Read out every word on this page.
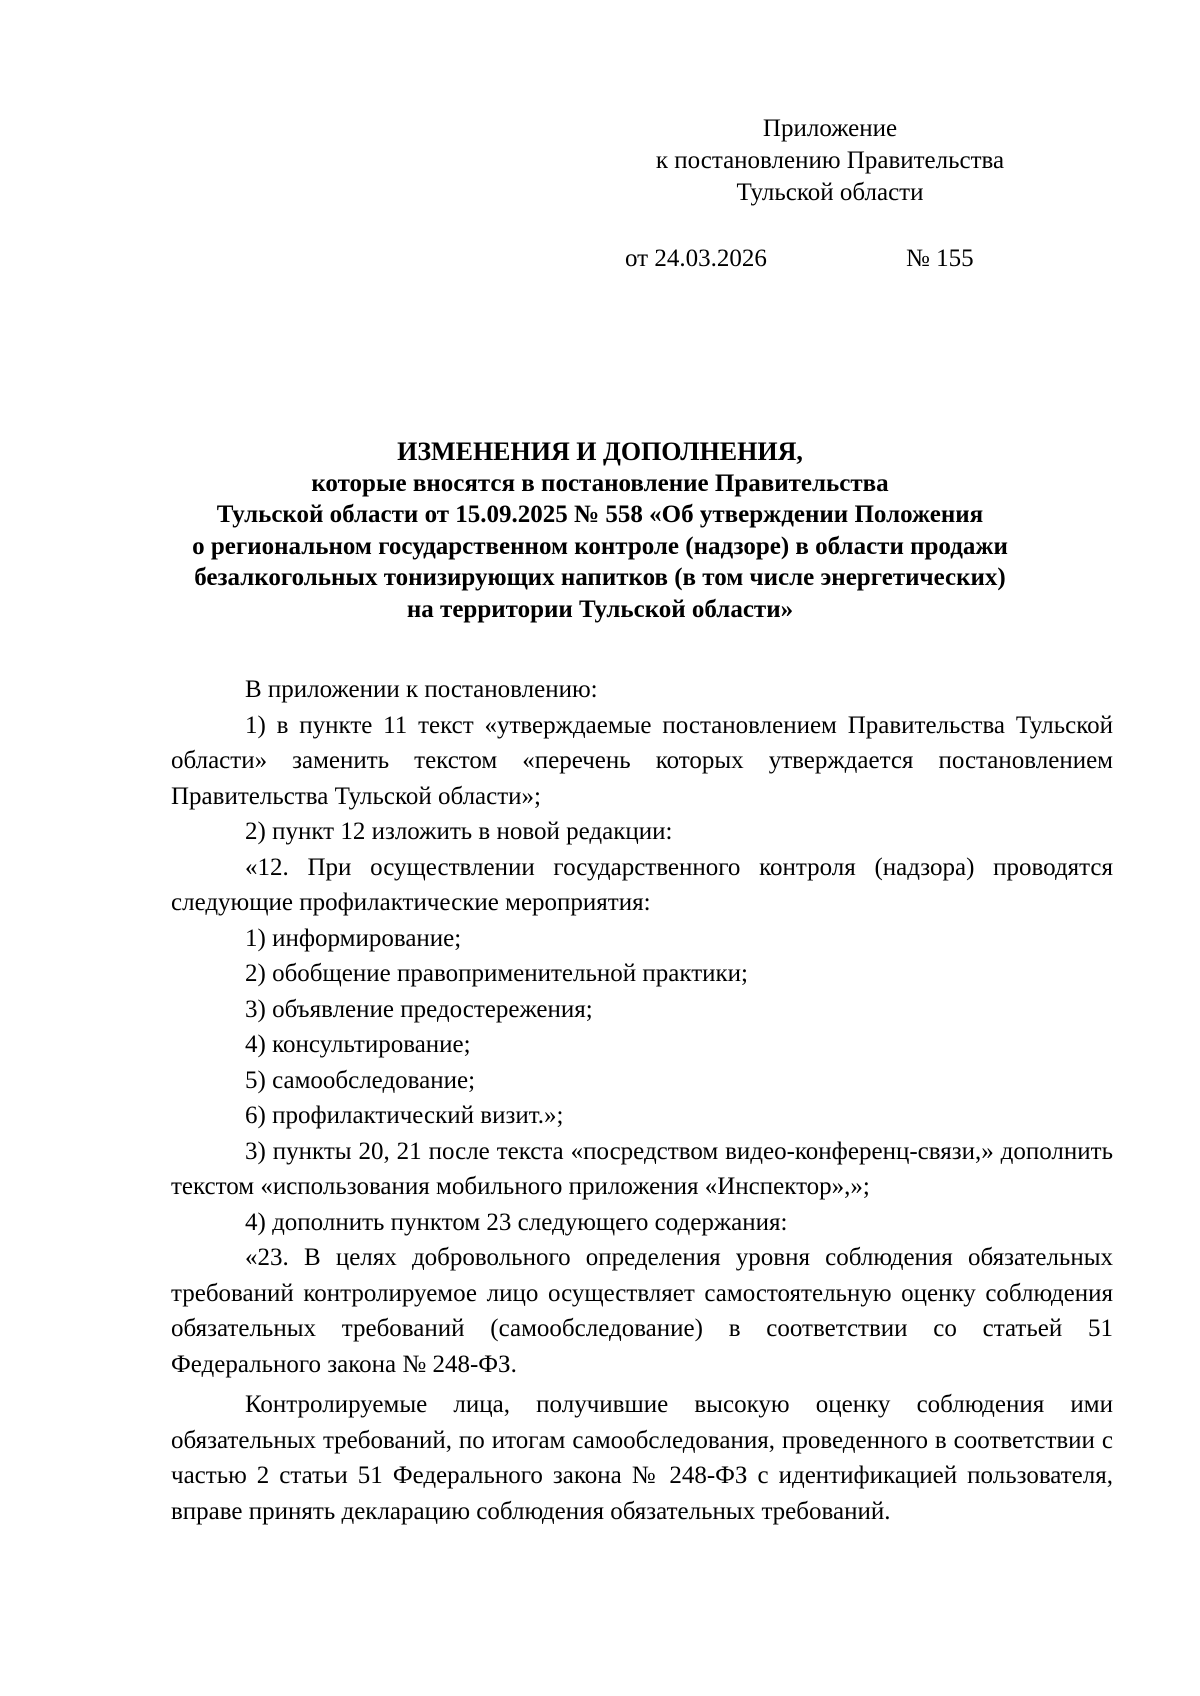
Приложение
к постановлению Правительства
Тульской области
от 24.03.2026	№ 155
ИЗМЕНЕНИЯ И ДОПОЛНЕНИЯ,
которые вносятся в постановление Правительства
Тульской области от 15.09.2025 № 558 «Об утверждении Положения
о региональном государственном контроле (надзоре) в области продажи
безалкогольных тонизирующих напитков (в том числе энергетических)
на территории Тульской области»

В приложении к постановлению:

1) в пункте 11 текст «утверждаемые постановлением Правительства Тульской области» заменить текстом «перечень которых утверждается постановлением Правительства Тульской области»;

2) пункт 12 изложить в новой редакции:

«12. При осуществлении государственного контроля (надзора) проводятся следующие профилактические мероприятия:

1) информирование;

2) обобщение правоприменительной практики;

3) объявление предостережения;

4) консультирование;

5) самообследование;

6) профилактический визит.»;

3) пункты 20, 21 после текста «посредством видео-конференц-связи,» дополнить текстом «использования мобильного приложения «Инспектор»,»;

4) дополнить пунктом 23 следующего содержания:

«23. В целях добровольного определения уровня соблюдения обязательных требований контролируемое лицо осуществляет самостоятельную оценку соблюдения обязательных требований (самообследование) в соответствии со статьей 51 Федерального закона № 248-ФЗ.

Контролируемые лица, получившие высокую оценку соблюдения ими обязательных требований, по итогам самообследования, проведенного в соответствии с частью 2 статьи 51 Федерального закона № 248-ФЗ с идентификацией пользователя, вправе принять декларацию соблюдения обязательных требований.
